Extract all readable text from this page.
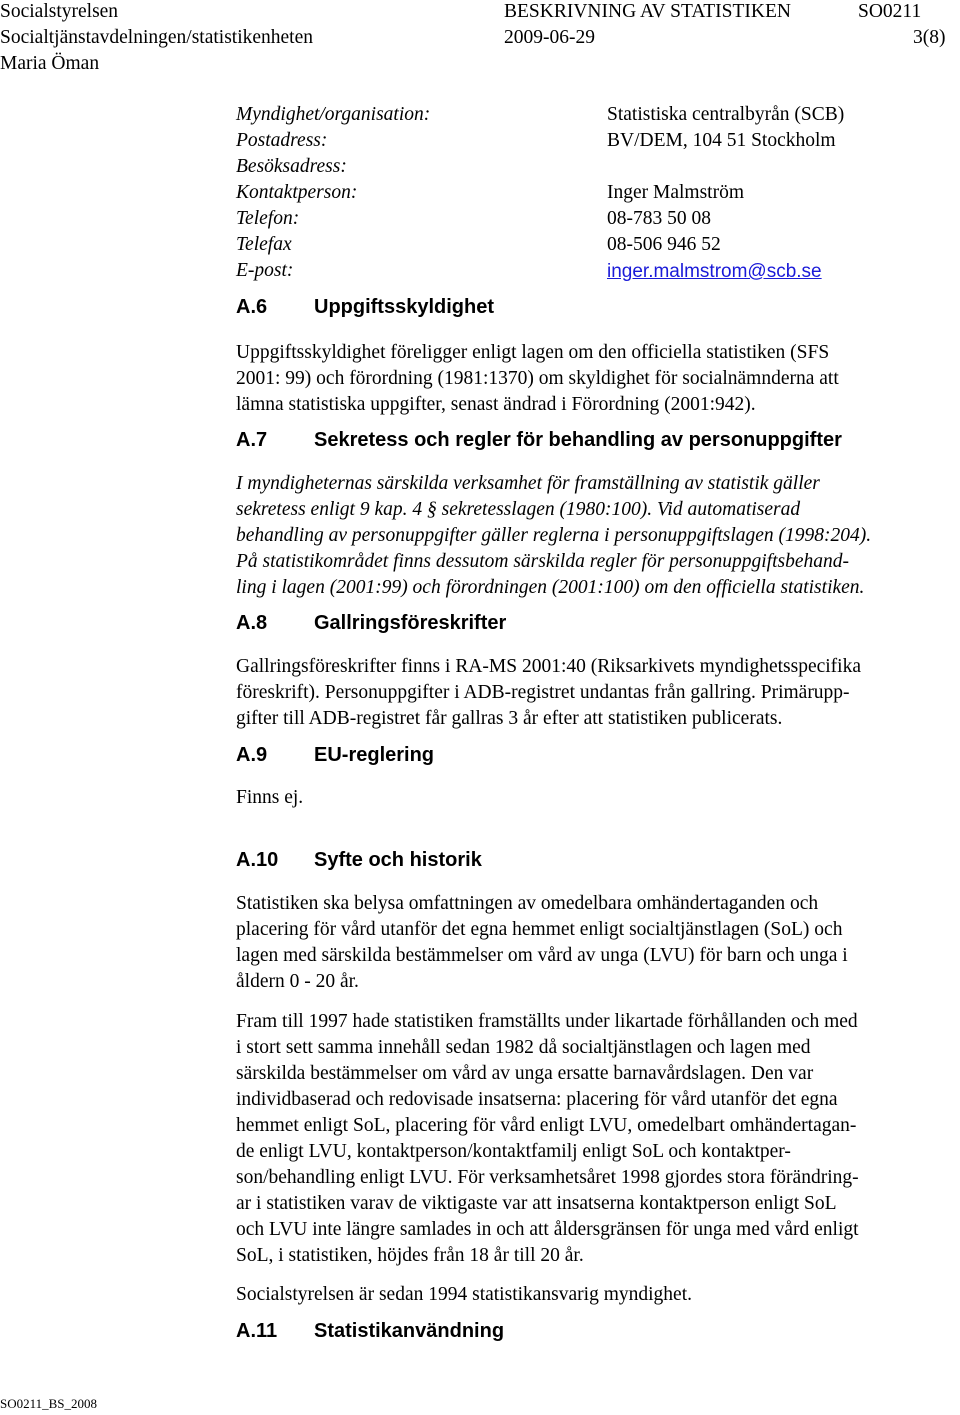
Socialstyrelsen	BESKRIVNING AV STATISTIKEN	SO0211
Socialtjänstavdelningen/statistikenheten	2009-06-29	3(8)
Maria Öman
Myndighet/organisation:	Statistiska centralbyrån (SCB)
Postadress:	BV/DEM, 104 51 Stockholm
Besöksadress:
Kontaktperson:	Inger Malmström
Telefon:	08-783 50 08
Telefax	08-506 946 52
E-post:	inger.malmstrom@scb.se
A.6 Uppgiftsskyldighet
Uppgiftsskyldighet föreligger enligt lagen om den officiella statistiken (SFS
2001: 99) och förordning (1981:1370) om skyldighet för socialnämnderna att
lämna statistiska uppgifter, senast ändrad i Förordning (2001:942).
A.7 Sekretess och regler för behandling av personuppgifter
I myndigheternas särskilda verksamhet för framställning av statistik gäller
sekretess enligt 9 kap. 4 § sekretesslagen (1980:100). Vid automatiserad
behandling av personuppgifter gäller reglerna i personuppgiftslagen (1998:204).
På statistikområdet finns dessutom särskilda regler för personuppgiftsbehand-
ling i lagen (2001:99) och förordningen (2001:100) om den officiella statistiken.
A.8 Gallringsföreskrifter
Gallringsföreskrifter finns i RA-MS 2001:40 (Riksarkivets myndighetsspecifika
föreskrift). Personuppgifter i ADB-registret undantas från gallring. Primärupp-
gifter till ADB-registret får gallras 3 år efter att statistiken publicerats.
A.9 EU-reglering
Finns ej.
A.10 Syfte och historik
Statistiken ska belysa omfattningen av omedelbara omhändertaganden och
placering för vård utanför det egna hemmet enligt socialtjänstlagen (SoL) och
lagen med särskilda bestämmelser om vård av unga (LVU) för barn och unga i
åldern 0 - 20 år.
Fram till 1997 hade statistiken framställts under likartade förhållanden och med
i stort sett samma innehåll sedan 1982 då socialtjänstlagen och lagen med
särskilda bestämmelser om vård av unga ersatte barnavårdslagen. Den var
individbaserad och redovisade insatserna: placering för vård utanför det egna
hemmet enligt SoL, placering för vård enligt LVU, omedelbart omhändertagan-
de enligt LVU, kontaktperson/kontaktfamilj enligt SoL och kontaktper-
son/behandling enligt LVU. För verksamhetsåret 1998 gjordes stora förändring-
ar i statistiken varav de viktigaste var att insatserna kontaktperson enligt SoL
och LVU inte längre samlades in och att åldersgränsen för unga med vård enligt
SoL, i statistiken, höjdes från 18 år till 20 år.
Socialstyrelsen är sedan 1994 statistikansvarig myndighet.
A.11 Statistikanvändning
SO0211_BS_2008
